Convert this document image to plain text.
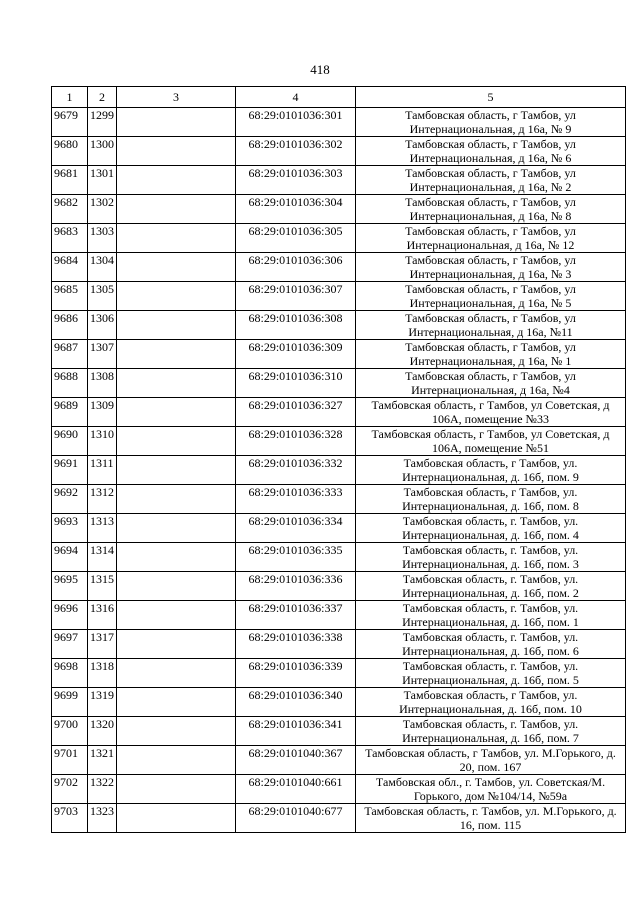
418
1	2	3	4	5
9679	1299		68:29:0101036:301	Тамбовская область, г Тамбов, ул Интернациональная, д 16а, № 9
9680	1300		68:29:0101036:302	Тамбовская область, г Тамбов, ул Интернациональная, д 16а, № 6
9681	1301		68:29:0101036:303	Тамбовская область, г Тамбов, ул Интернациональная, д 16а, № 2
9682	1302		68:29:0101036:304	Тамбовская область, г Тамбов, ул Интернациональная, д 16а, № 8
9683	1303		68:29:0101036:305	Тамбовская область, г Тамбов, ул Интернациональная, д 16а, № 12
9684	1304		68:29:0101036:306	Тамбовская область, г Тамбов, ул Интернациональная, д 16а, № 3
9685	1305		68:29:0101036:307	Тамбовская область, г Тамбов, ул Интернациональная, д 16а, № 5
9686	1306		68:29:0101036:308	Тамбовская область, г Тамбов, ул Интернациональная, д 16а, №11
9687	1307		68:29:0101036:309	Тамбовская область, г Тамбов, ул Интернациональная, д 16а, № 1
9688	1308		68:29:0101036:310	Тамбовская область, г Тамбов, ул Интернациональная, д 16а, №4
9689	1309		68:29:0101036:327	Тамбовская область, г Тамбов, ул Советская, д 106А, помещение №33
9690	1310		68:29:0101036:328	Тамбовская область, г Тамбов, ул Советская, д 106А, помещение №51
9691	1311		68:29:0101036:332	Тамбовская область, г Тамбов, ул. Интернациональная, д. 16б, пом. 9
9692	1312		68:29:0101036:333	Тамбовская область, г Тамбов, ул. Интернациональная, д. 16б, пом. 8
9693	1313		68:29:0101036:334	Тамбовская область, г. Тамбов, ул. Интернациональная, д. 16б, пом. 4
9694	1314		68:29:0101036:335	Тамбовская область, г. Тамбов, ул. Интернациональная, д. 16б, пом. 3
9695	1315		68:29:0101036:336	Тамбовская область, г. Тамбов, ул. Интернациональная, д. 16б, пом. 2
9696	1316		68:29:0101036:337	Тамбовская область, г. Тамбов, ул. Интернациональная, д. 16б, пом. 1
9697	1317		68:29:0101036:338	Тамбовская область, г. Тамбов, ул. Интернациональная, д. 16б, пом. 6
9698	1318		68:29:0101036:339	Тамбовская область, г. Тамбов, ул. Интернациональная, д. 16б, пом. 5
9699	1319		68:29:0101036:340	Тамбовская область, г Тамбов, ул. Интернациональная, д. 16б, пом. 10
9700	1320		68:29:0101036:341	Тамбовская область, г. Тамбов, ул. Интернациональная, д. 16б, пом. 7
9701	1321		68:29:0101040:367	Тамбовская область, г Тамбов, ул. М.Горького, д. 20, пом. 167
9702	1322		68:29:0101040:661	Тамбовская обл., г. Тамбов, ул. Советская/М. Горького, дом №104/14, №59а
9703	1323		68:29:0101040:677	Тамбовская область, г. Тамбов, ул. М.Горького, д. 16, пом. 115
